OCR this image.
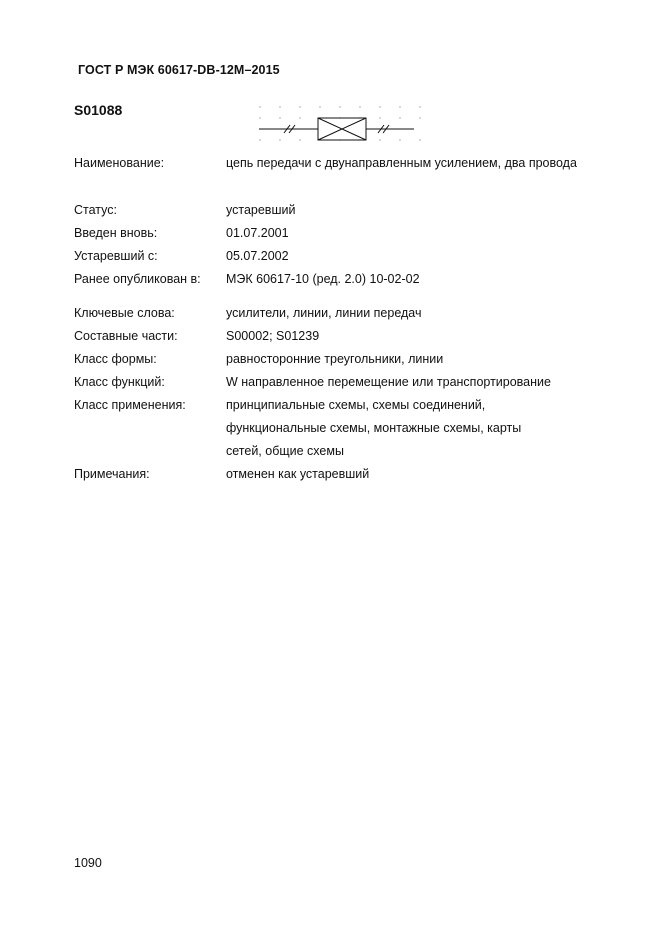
ГОСТ Р МЭК 60617-DB-12М–2015
S01088
Наименование:	цепь передачи с двунаправленным усилением, два провода
Статус:	устаревший
Введен вновь:	01.07.2001
Устаревший с:	05.07.2002
Ранее опубликован в: МЭК 60617-10 (ред. 2.0) 10-02-02
Ключевые слова:	усилители, линии, линии передач
Составные части:	S00002; S01239
Класс формы:	равносторонние треугольники, линии
Класс функций:	W направленное перемещение или транспортирование
Класс применения:	принципиальные схемы, схемы соединений, функциональные схемы, монтажные схемы, карты сетей, общие схемы
Примечания:	отменен как устаревший
1090
